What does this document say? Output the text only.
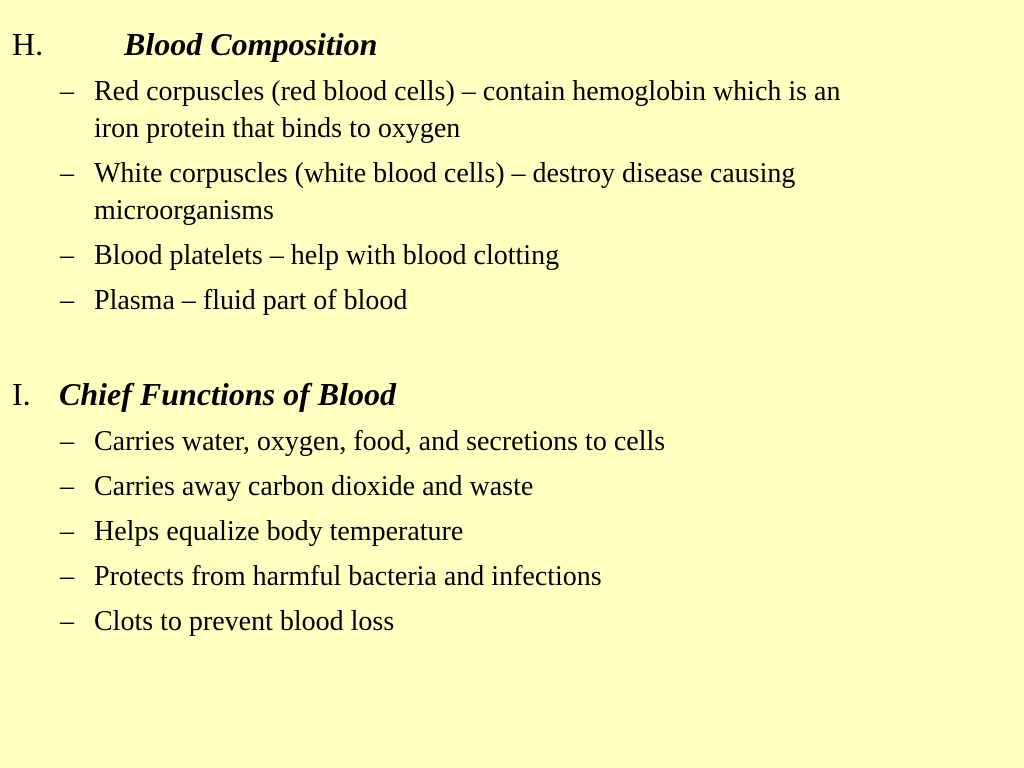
H.	Blood Composition
– Red corpuscles (red blood cells) – contain hemoglobin which is an iron protein that binds to oxygen
– White corpuscles (white blood cells) – destroy disease causing microorganisms
– Blood platelets – help with blood clotting
– Plasma – fluid part of blood
I. Chief Functions of Blood
– Carries water, oxygen, food, and secretions to cells
– Carries away carbon dioxide and waste
– Helps equalize body temperature
– Protects from harmful bacteria and infections
– Clots to prevent blood loss
